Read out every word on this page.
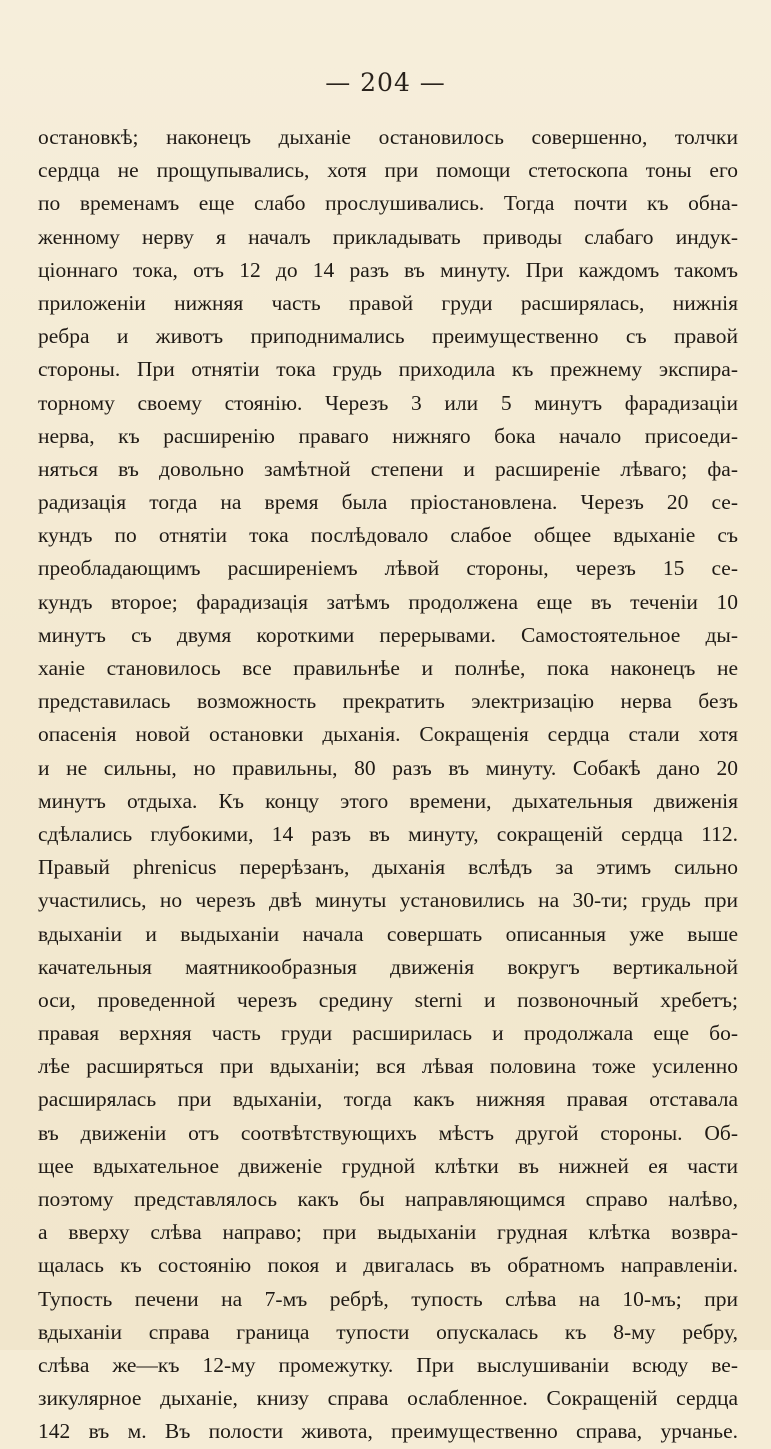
— 204 —
остановкѣ; наконецъ дыханіе остановилось совершенно, толчки
сердца не прощупывались, хотя при помощи стетоскопа тоны его
по временамъ еще слабо прослушивались. Тогда почти къ обна-
женному нерву я началъ прикладывать приводы слабаго индук-
ціоннаго тока, отъ 12 до 14 разъ въ минуту. При каждомъ такомъ
приложеніи нижняя часть правой груди расширялась, нижнія
ребра и животъ приподнимались преимущественно съ правой
стороны. При отнятіи тока грудь приходила къ прежнему экспира-
торному своему стоянію. Черезъ 3 или 5 минутъ фарадизаціи
нерва, къ расширенію праваго нижняго бока начало присоеди-
няться въ довольно замѣтной степени и расширеніе лѣваго; фа-
радизація тогда на время была пріостановлена. Черезъ 20 се-
кундъ по отнятіи тока послѣдовало слабое общее вдыханіе съ
преобладающимъ расширеніемъ лѣвой стороны, черезъ 15 се-
кундъ второе; фарадизація затѣмъ продолжена еще въ теченіи 10
минутъ съ двумя короткими перерывами. Самостоятельное ды-
ханіе становилось все правильнѣе и полнѣе, пока наконецъ не
представилась возможность прекратить электризацію нерва безъ
опасенія новой остановки дыханія. Сокращенія сердца стали хотя
и не сильны, но правильны, 80 разъ въ минуту. Собакѣ дано 20
минутъ отдыха. Къ концу этого времени, дыхательныя движенія
сдѣлались глубокими, 14 разъ въ минуту, сокращеній сердца 112.
Правый phrenicus перерѣзанъ, дыханія вслѣдъ за этимъ сильно
участились, но черезъ двѣ минуты установились на 30-ти; грудь при
вдыханіи и выдыханіи начала совершать описанныя уже выше
качательныя маятникообразныя движенія вокругъ вертикальной
оси, проведенной черезъ средину sterni и позвоночный хребетъ;
правая верхняя часть груди расширилась и продолжала еще бо-
лѣе расширяться при вдыханіи; вся лѣвая половина тоже усиленно
расширялась при вдыханіи, тогда какъ нижняя правая отставала
въ движеніи отъ соотвѣтствующихъ мѣстъ другой стороны. Об-
щее вдыхательное движеніе грудной клѣтки въ нижней ея части
поэтому представлялось какъ бы направляющимся справо налѣво,
а вверху слѣва направо; при выдыханіи грудная клѣтка возвра-
щалась къ состоянію покоя и двигалась въ обратномъ направленіи.
Тупость печени на 7-мъ ребрѣ, тупость слѣва на 10-мъ; при
вдыханіи справа граница тупости опускалась къ 8-му ребру,
слѣва же—къ 12-му промежутку. При выслушиваніи всюду ве-
зикулярное дыханіе, книзу справа ослабленное. Сокращеній сердца
142 въ м. Въ полости живота, преимущественно справа, урчанье.
